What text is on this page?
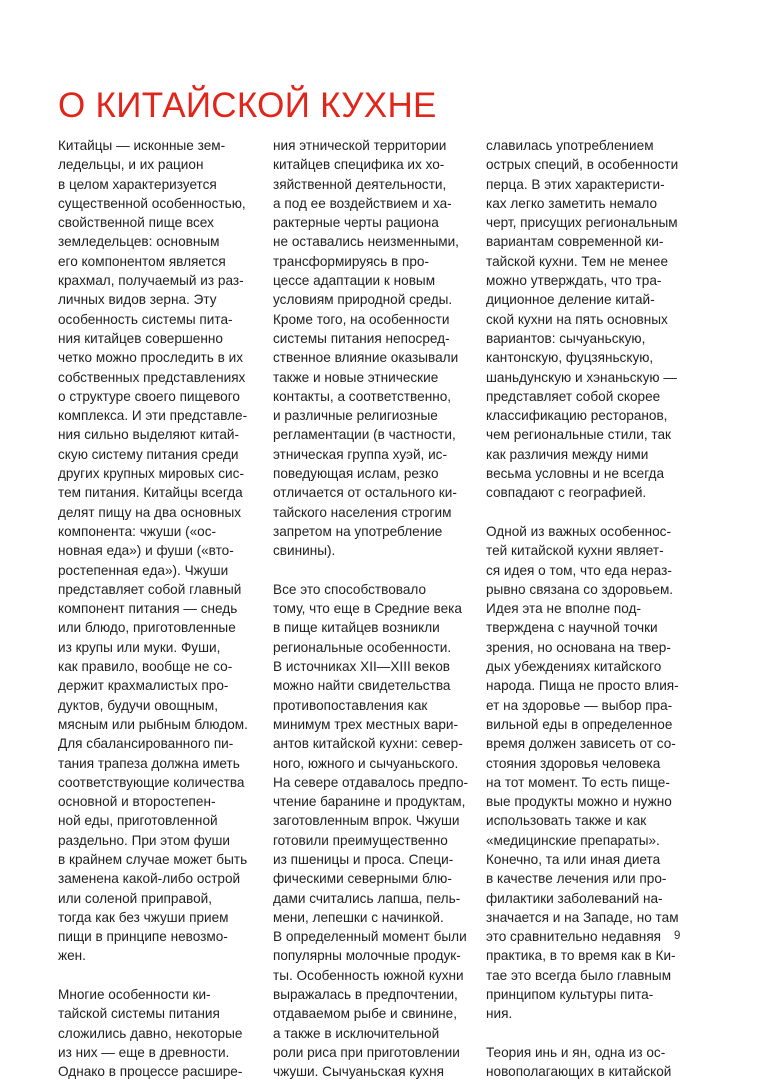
О КИТАЙСКОЙ КУХНЕ

Китайцы — исконные зем-
ледельцы, и их рацион
в целом характеризуется
существенной особенностью,
свойственной пище всех
земледельцев: основным
его компонентом является
крахмал, получаемый из раз-
личных видов зерна. Эту
особенность системы пита-
ния китайцев совершенно
четко можно проследить в их
собственных представлениях
о структуре своего пищевого
комплекса. И эти представле-
ния сильно выделяют китай-
скую систему питания среди
других крупных мировых сис-
тем питания. Китайцы всегда
делят пищу на два основных
компонента: чжуши («ос-
новная еда») и фуши («вто-
ростепенная еда»). Чжуши
представляет собой главный
компонент питания — снедь
или блюдо, приготовленные
из крупы или муки. Фуши,
как правило, вообще не со-
держит крахмалистых про-
дуктов, будучи овощным,
мясным или рыбным блюдом.
Для сбалансированного пи-
тания трапеза должна иметь
соответствующие количества
основной и второстепен-
ной еды, приготовленной
раздельно. При этом фуши
в крайнем случае может быть
заменена какой-либо острой
или соленой приправой,
тогда как без чжуши прием
пищи в принципе невозмо-
жен.

Многие особенности ки-
тайской системы питания
сложились давно, некоторые
из них — еще в древности.
Однако в процессе расшире-

ния этнической территории
китайцев специфика их хо-
зяйственной деятельности,
а под ее воздействием и ха-
рактерные черты рациона
не оставались неизменными,
трансформируясь в про-
цессе адаптации к новым
условиям природной среды.
Кроме того, на особенности
системы питания непосред-
ственное влияние оказывали
также и новые этнические
контакты, а соответственно,
и различные религиозные
регламентации (в частности,
этническая группа хуэй, ис-
поведующая ислам, резко
отличается от остального ки-
тайского населения строгим
запретом на употребление
свинины).

Все это способствовало
тому, что еще в Средние века
в пище китайцев возникли
региональные особенности.
В источниках XII—XIII веков
можно найти свидетельства
противопоставления как
минимум трех местных вари-
антов китайской кухни: север-
ного, южного и сычуаньского.
На севере отдавалось предпо-
чтение баранине и продуктам,
заготовленным впрок. Чжуши
готовили преимущественно
из пшеницы и проса. Специ-
фическими северными блю-
дами считались лапша, пель-
мени, лепешки с начинкой.
В определенный момент были
популярны молочные продук-
ты. Особенность южной кухни
выражалась в предпочтении,
отдаваемом рыбе и свинине,
а также в исключительной
роли риса при приготовлении
чжуши. Сычуаньская кухня

славилась употреблением
острых специй, в особенности
перца. В этих характеристи-
ках легко заметить немало
черт, присущих региональным
вариантам современной ки-
тайской кухни. Тем не менее
можно утверждать, что тра-
диционное деление китай-
ской кухни на пять основных
вариантов: сычуаньскую,
кантонскую, фуцзяньскую,
шаньдунскую и хэнаньскую —
представляет собой скорее
классификацию ресторанов,
чем региональные стили, так
как различия между ними
весьма условны и не всегда
совпадают с географией.

Одной из важных особеннос-
тей китайской кухни являет-
ся идея о том, что еда нераз-
рывно связана со здоровьем.
Идея эта не вполне под-
тверждена с научной точки
зрения, но основана на твер-
дых убеждениях китайского
народа. Пища не просто влия-
ет на здоровье — выбор пра-
вильной еды в определенное
время должен зависеть от со-
стояния здоровья человека
на тот момент. То есть пище-
вые продукты можно и нужно
использовать также и как
«медицинские препараты».
Конечно, та или иная диета
в качестве лечения или про-
филактики заболеваний на-
значается и на Западе, но там
это сравнительно недавняя
практика, в то время как в Ки-
тае это всегда было главным
принципом культуры пита-
ния.

Теория инь и ян, одна из ос-
новополагающих в китайской

9
